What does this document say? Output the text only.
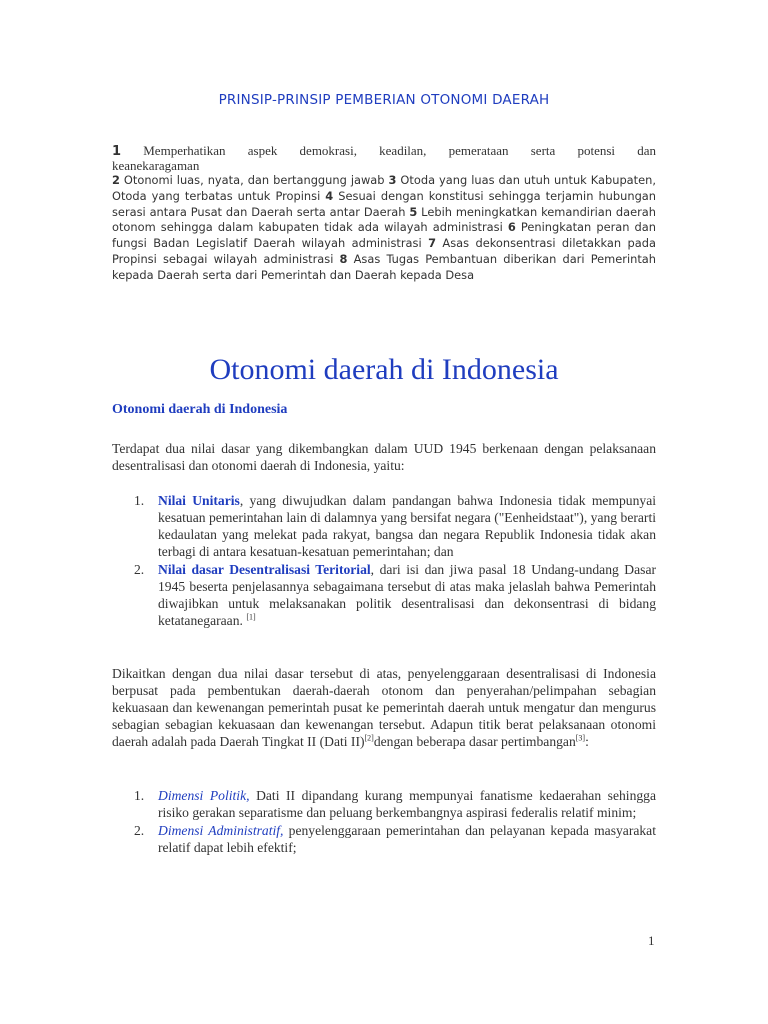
PRINSIP-PRINSIP PEMBERIAN OTONOMI DAERAH
1 Memperhatikan aspek demokrasi, keadilan, pemerataan serta potensi dan
keanekaragaman
2 Otonomi luas, nyata, dan bertanggung jawab 3 Otoda yang luas dan utuh untuk Kabupaten, Otoda yang terbatas untuk Propinsi 4 Sesuai dengan konstitusi sehingga terjamin hubungan serasi antara Pusat dan Daerah serta antar Daerah 5 Lebih meningkatkan kemandirian daerah otonom sehingga dalam kabupaten tidak ada wilayah administrasi 6 Peningkatan peran dan fungsi Badan Legislatif Daerah wilayah administrasi 7 Asas dekonsentrasi diletakkan pada Propinsi sebagai wilayah administrasi 8 Asas Tugas Pembantuan diberikan dari Pemerintah kepada Daerah serta dari Pemerintah dan Daerah kepada Desa
Otonomi daerah di Indonesia
Otonomi daerah di Indonesia
Terdapat dua nilai dasar yang dikembangkan dalam UUD 1945 berkenaan dengan pelaksanaan desentralisasi dan otonomi daerah di Indonesia, yaitu:
1. Nilai Unitaris, yang diwujudkan dalam pandangan bahwa Indonesia tidak mempunyai kesatuan pemerintahan lain di dalamnya yang bersifat negara ("Eenheidstaat"), yang berarti kedaulatan yang melekat pada rakyat, bangsa dan negara Republik Indonesia tidak akan terbagi di antara kesatuan-kesatuan pemerintahan; dan
2. Nilai dasar Desentralisasi Teritorial, dari isi dan jiwa pasal 18 Undang-undang Dasar 1945 beserta penjelasannya sebagaimana tersebut di atas maka jelaslah bahwa Pemerintah diwajibkan untuk melaksanakan politik desentralisasi dan dekonsentrasi di bidang ketatanegaraan. [1]
Dikaitkan dengan dua nilai dasar tersebut di atas, penyelenggaraan desentralisasi di Indonesia berpusat pada pembentukan daerah-daerah otonom dan penyerahan/pelimpahan sebagian kekuasaan dan kewenangan pemerintah pusat ke pemerintah daerah untuk mengatur dan mengurus sebagian sebagian kekuasaan dan kewenangan tersebut. Adapun titik berat pelaksanaan otonomi daerah adalah pada Daerah Tingkat II (Dati II)[2]dengan beberapa dasar pertimbangan[3]:
1. Dimensi Politik, Dati II dipandang kurang mempunyai fanatisme kedaerahan sehingga risiko gerakan separatisme dan peluang berkembangnya aspirasi federalis relatif minim;
2. Dimensi Administratif, penyelenggaraan pemerintahan dan pelayanan kepada masyarakat relatif dapat lebih efektif;
1
